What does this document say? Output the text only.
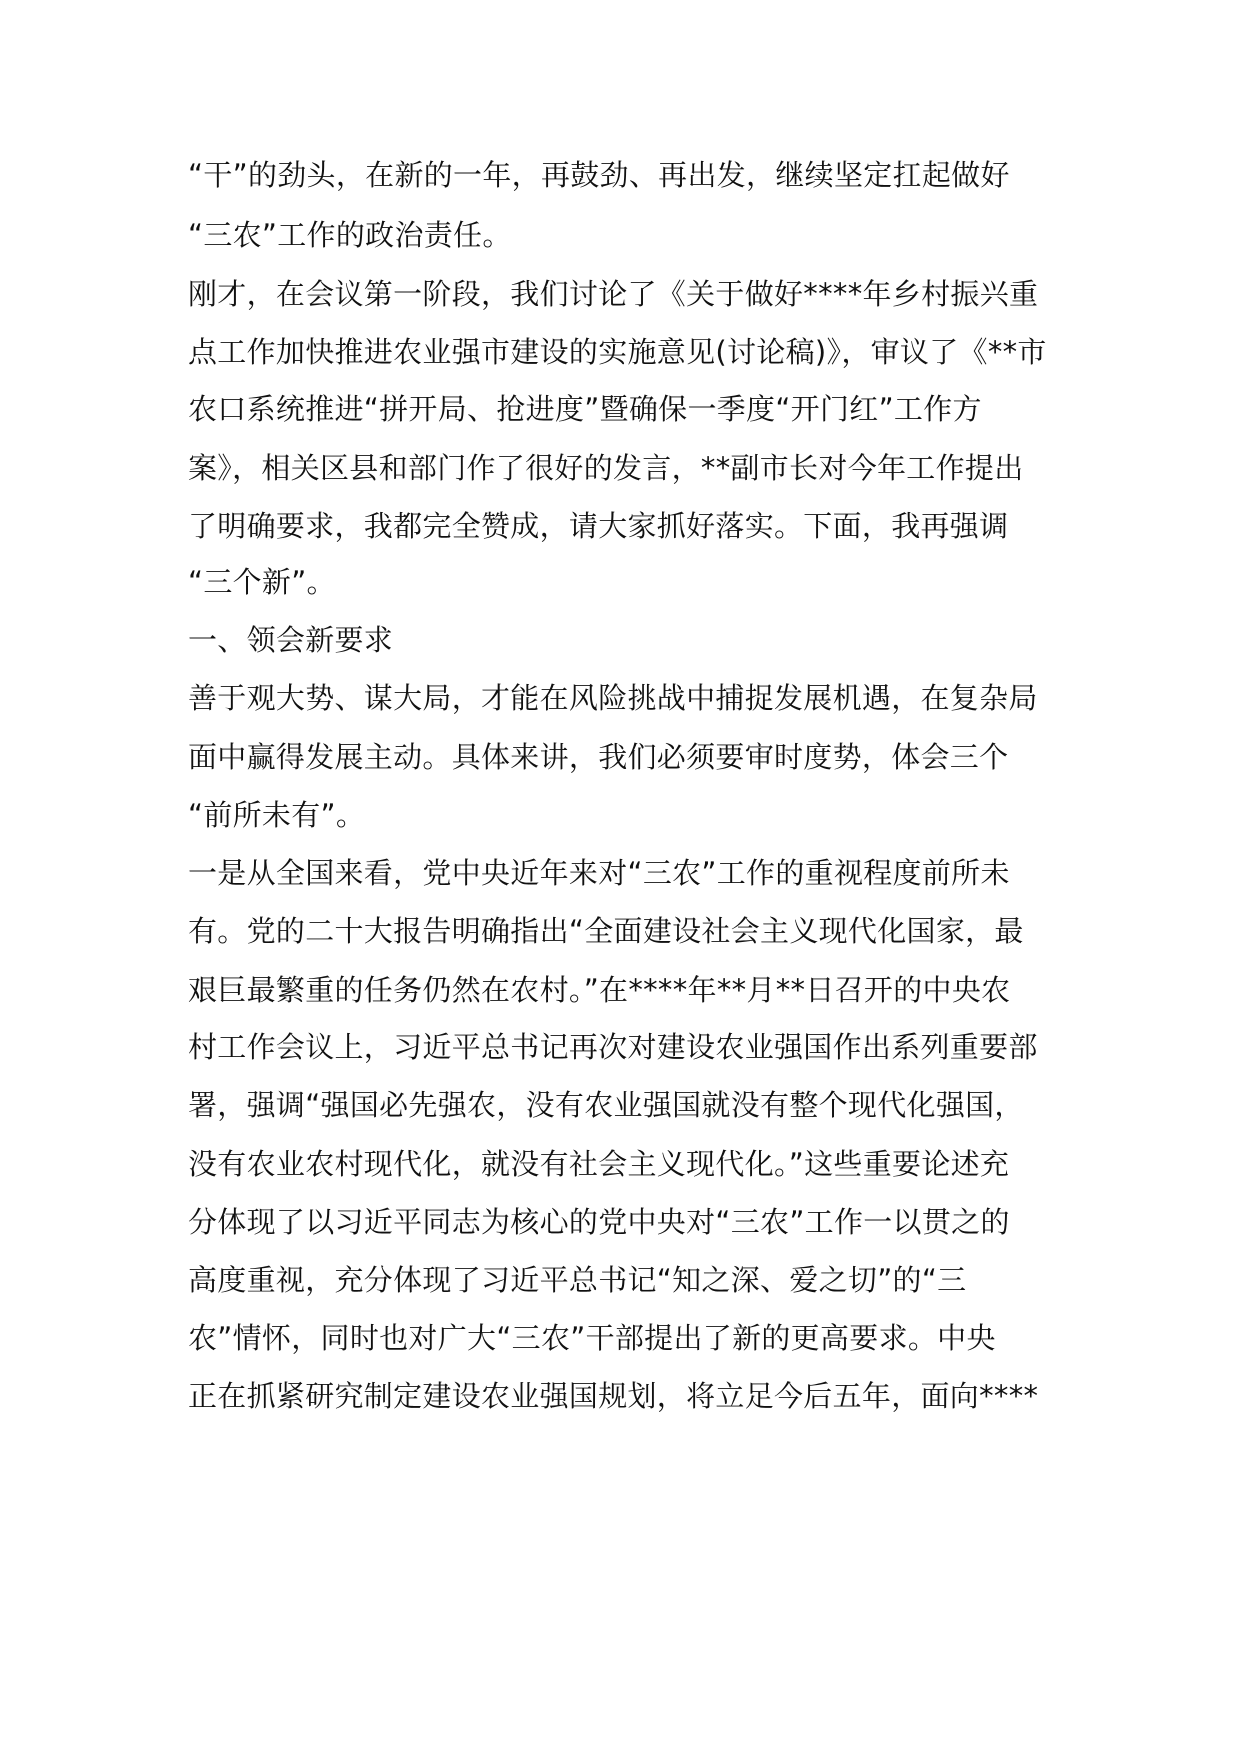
“干”的劲头，在新的一年，再鼓劲、再出发，继续坚定扛起做好
“三农”工作的政治责任。
刚才，在会议第一阶段，我们讨论了《关于做好****年乡村振兴重
点工作加快推进农业强市建设的实施意见(讨论稿)》，审议了《**市
农口系统推进“拼开局、抢进度”暨确保一季度“开门红”工作方
案》，相关区县和部门作了很好的发言，**副市长对今年工作提出
了明确要求，我都完全赞成，请大家抓好落实。下面，我再强调
“三个新”。
一、领会新要求
善于观大势、谋大局，才能在风险挑战中捕捉发展机遇，在复杂局
面中赢得发展主动。具体来讲，我们必须要审时度势，体会三个
“前所未有”。
一是从全国来看，党中央近年来对“三农”工作的重视程度前所未
有。党的二十大报告明确指出“全面建设社会主义现代化国家，最
艰巨最繁重的任务仍然在农村。”在****年**月**日召开的中央农
村工作会议上，习近平总书记再次对建设农业强国作出系列重要部
署，强调“强国必先强农，没有农业强国就没有整个现代化强国，
没有农业农村现代化，就没有社会主义现代化。”这些重要论述充
分体现了以习近平同志为核心的党中央对“三农”工作一以贯之的
高度重视，充分体现了习近平总书记“知之深、爱之切”的“三
农”情怀，同时也对广大“三农”干部提出了新的更高要求。中央
正在抓紧研究制定建设农业强国规划，将立足今后五年，面向****
